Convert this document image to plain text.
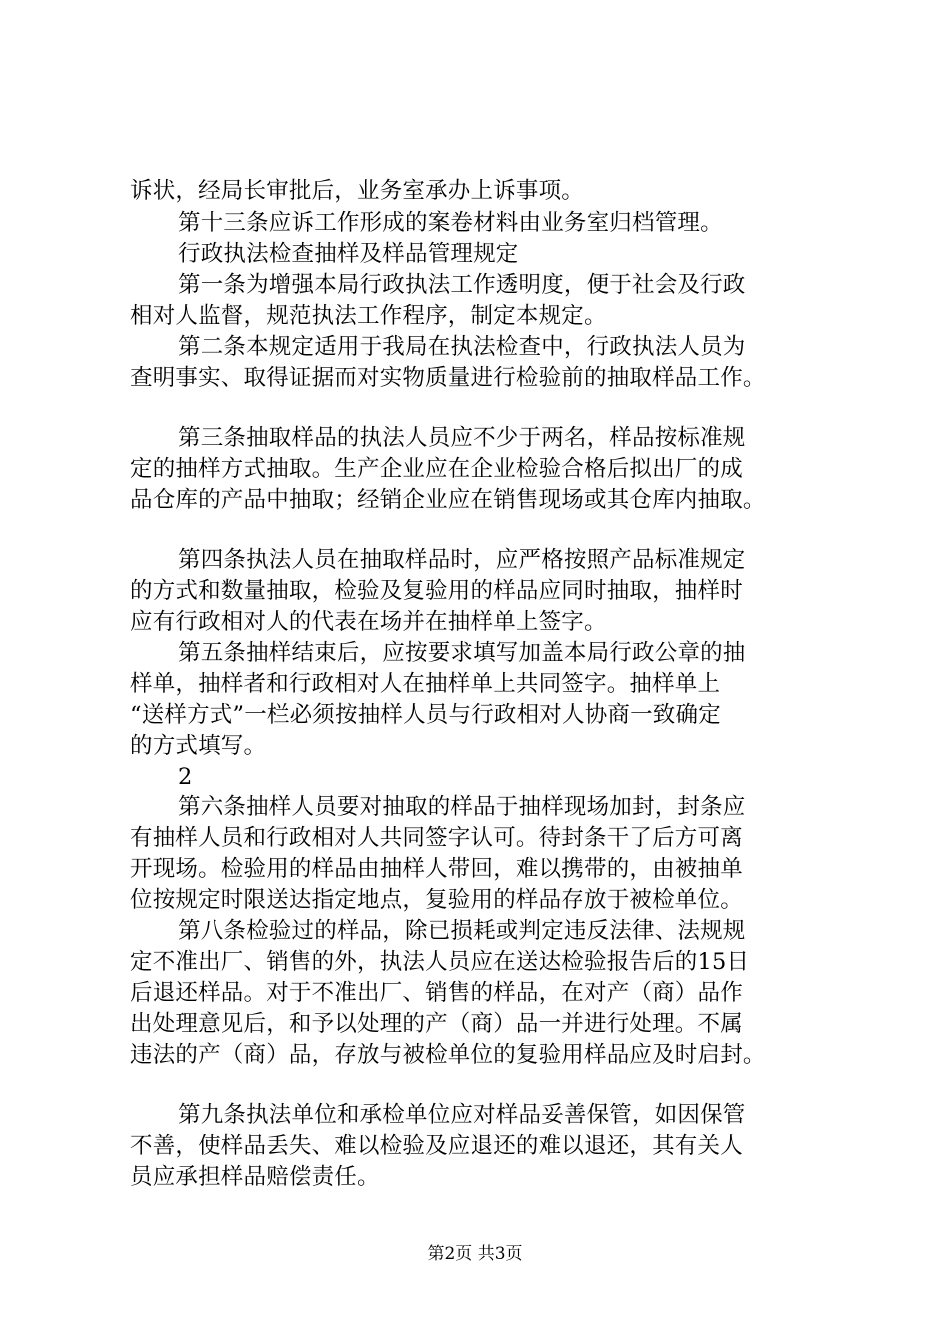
诉状，经局长审批后，业务室承办上诉事项。
第十三条应诉工作形成的案卷材料由业务室归档管理。
行政执法检查抽样及样品管理规定
第一条为增强本局行政执法工作透明度，便于社会及行政
相对人监督，规范执法工作程序，制定本规定。
第二条本规定适用于我局在执法检查中，行政执法人员为
查明事实、取得证据而对实物质量进行检验前的抽取样品工作。
第三条抽取样品的执法人员应不少于两名，样品按标准规
定的抽样方式抽取。生产企业应在企业检验合格后拟出厂的成
品仓库的产品中抽取；经销企业应在销售现场或其仓库内抽取。
第四条执法人员在抽取样品时，应严格按照产品标准规定
的方式和数量抽取，检验及复验用的样品应同时抽取，抽样时
应有行政相对人的代表在场并在抽样单上签字。
第五条抽样结束后，应按要求填写加盖本局行政公章的抽
样单，抽样者和行政相对人在抽样单上共同签字。抽样单上
“送样方式”一栏必须按抽样人员与行政相对人协商一致确定
的方式填写。
2
第六条抽样人员要对抽取的样品于抽样现场加封，封条应
有抽样人员和行政相对人共同签字认可。待封条干了后方可离
开现场。检验用的样品由抽样人带回，难以携带的，由被抽单
位按规定时限送达指定地点，复验用的样品存放于被检单位。
第八条检验过的样品，除已损耗或判定违反法律、法规规
定不准出厂、销售的外，执法人员应在送达检验报告后的15日
后退还样品。对于不准出厂、销售的样品，在对产（商）品作
出处理意见后，和予以处理的产（商）品一并进行处理。不属
违法的产（商）品，存放与被检单位的复验用样品应及时启封。
第九条执法单位和承检单位应对样品妥善保管，如因保管
不善，使样品丢失、难以检验及应退还的难以退还，其有关人
员应承担样品赔偿责任。
第2页 共3页
